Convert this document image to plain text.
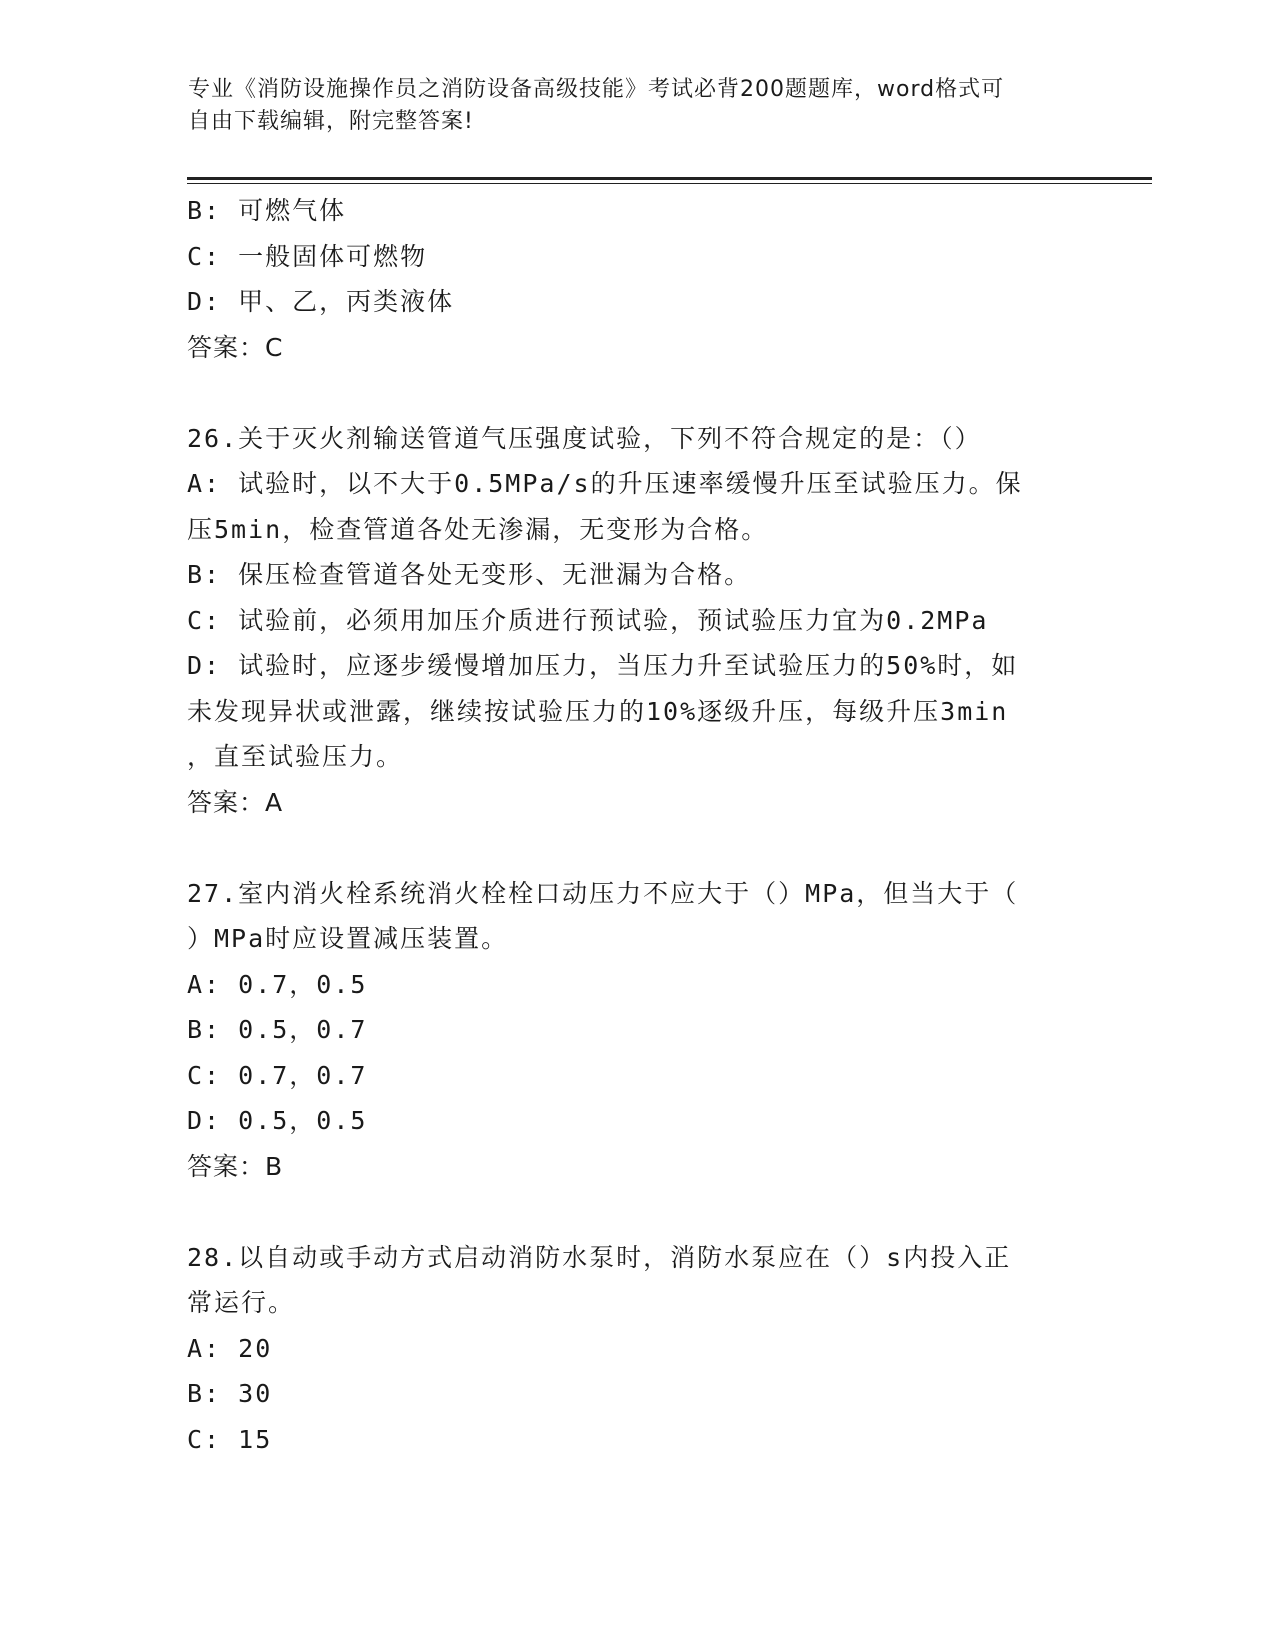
专业《消防设施操作员之消防设备高级技能》考试必背200题题库，word格式可

自由下载编辑，附完整答案!

B: 可燃气体

C: 一般固体可燃物

D: 甲、乙，丙类液体

答案：C

26.关于灭火剂输送管道气压强度试验，下列不符合规定的是：（）

A: 试验时，以不大于0.5MPa/s的升压速率缓慢升压至试验压力。保

压5min，检查管道各处无渗漏，无变形为合格。

B: 保压检查管道各处无变形、无泄漏为合格。

C: 试验前，必须用加压介质进行预试验，预试验压力宜为0.2MPa

D: 试验时，应逐步缓慢增加压力，当压力升至试验压力的50%时，如

未发现异状或泄露，继续按试验压力的10%逐级升压，每级升压3min

，直至试验压力。

答案：A

27.室内消火栓系统消火栓栓口动压力不应大于（）MPa，但当大于（

）MPa时应设置减压装置。

A: 0.7，0.5

B: 0.5，0.7

C: 0.7，0.7

D: 0.5，0.5

答案：B

28.以自动或手动方式启动消防水泵时，消防水泵应在（）s内投入正

常运行。

A: 20

B: 30

C: 15
